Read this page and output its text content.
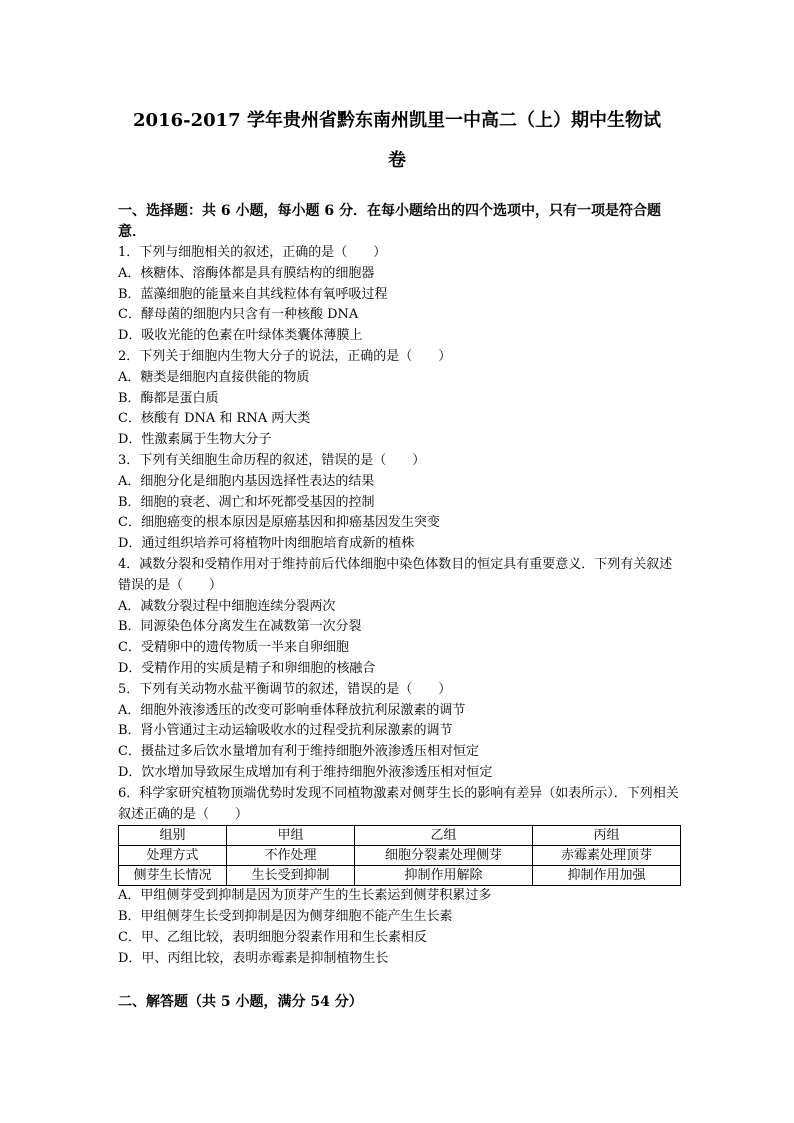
2016-2017 学年贵州省黔东南州凯里一中高二（上）期中生物试
卷

一、选择题：共 6 小题，每小题 6 分．在每小题给出的四个选项中，只有一项是符合题意．

1．下列与细胞相关的叙述，正确的是（　　）
A．核糖体、溶酶体都是具有膜结构的细胞器
B．蓝藻细胞的能量来自其线粒体有氧呼吸过程
C．酵母菌的细胞内只含有一种核酸 DNA
D．吸收光能的色素在叶绿体类囊体薄膜上
2．下列关于细胞内生物大分子的说法，正确的是（　　）
A．糖类是细胞内直接供能的物质
B．酶都是蛋白质
C．核酸有 DNA 和 RNA 两大类
D．性激素属于生物大分子
3．下列有关细胞生命历程的叙述，错误的是（　　）
A．细胞分化是细胞内基因选择性表达的结果
B．细胞的衰老、凋亡和坏死都受基因的控制
C．细胞癌变的根本原因是原癌基因和抑癌基因发生突变
D．通过组织培养可将植物叶肉细胞培育成新的植株
4．减数分裂和受精作用对于维持前后代体细胞中染色体数目的恒定具有重要意义．下列有关叙述错误的是（　　）
A．减数分裂过程中细胞连续分裂两次
B．同源染色体分离发生在减数第一次分裂
C．受精卵中的遗传物质一半来自卵细胞
D．受精作用的实质是精子和卵细胞的核融合
5．下列有关动物水盐平衡调节的叙述，错误的是（　　）
A．细胞外液渗透压的改变可影响垂体释放抗利尿激素的调节
B．肾小管通过主动运输吸收水的过程受抗利尿激素的调节
C．摄盐过多后饮水量增加有利于维持细胞外液渗透压相对恒定
D．饮水增加导致尿生成增加有利于维持细胞外液渗透压相对恒定
6．科学家研究植物顶端优势时发现不同植物激素对侧芽生长的影响有差异（如表所示）．下列相关叙述正确的是（　　）
组别	甲组	乙组	丙组
处理方式	不作处理	细胞分裂素处理侧芽	赤霉素处理顶芽
侧芽生长情况	生长受到抑制	抑制作用解除	抑制作用加强
A．甲组侧芽受到抑制是因为顶芽产生的生长素运到侧芽积累过多
B．甲组侧芽生长受到抑制是因为侧芽细胞不能产生生长素
C．甲、乙组比较，表明细胞分裂素作用和生长素相反
D．甲、丙组比较，表明赤霉素是抑制植物生长

二、解答题（共 5 小题，满分 54 分）
